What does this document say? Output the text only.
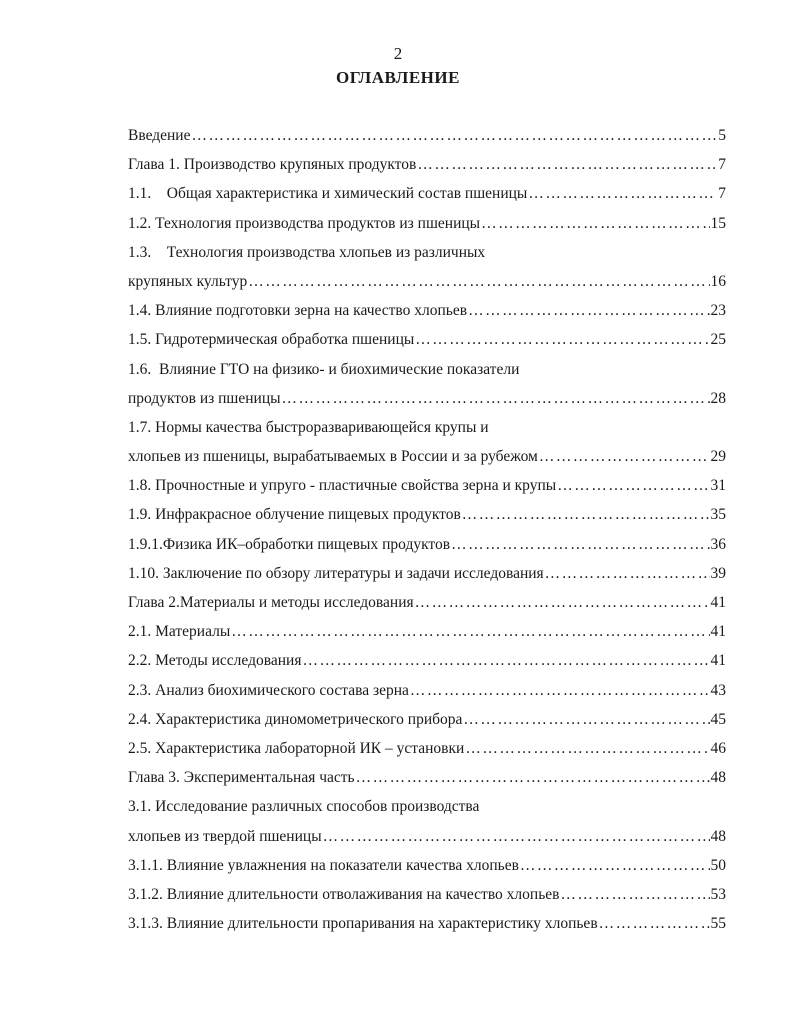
2
ОГЛАВЛЕНИЕ
Введение …………………………………………………………………………………………………………………………	5
Глава 1. Производство крупяных продуктов …………………………………………………………………………………………………………………………	7
1.1.    Общая характеристика и химический состав пшеницы …………………………………………………………………………………………………………………………	7
1.2. Технология производства продуктов из пшеницы …………………………………………………………………………………………………………………………	15
1.3.    Технология производства хлопьев из различных
крупяных культур …………………………………………………………………………………………………………………………	16
1.4. Влияние подготовки зерна на качество хлопьев …………………………………………………………………………………………………………………………	23
1.5. Гидротермическая обработка пшеницы …………………………………………………………………………………………………………………………	25
1.6.  Влияние ГТО на физико- и биохимические показатели
продуктов из пшеницы …………………………………………………………………………………………………………………………	28
1.7. Нормы качества быстроразваривающейся крупы и
хлопьев из пшеницы, вырабатываемых в России и за рубежом …………………………………………………………………………………………………………………………	29
1.8. Прочностные и упруго - пластичные свойства зерна и крупы …………………………………………………………………………………………………………………………	31
1.9. Инфракрасное облучение пищевых продуктов …………………………………………………………………………………………………………………………	35
1.9.1.Физика ИК–обработки пищевых продуктов …………………………………………………………………………………………………………………………	36
1.10. Заключение по обзору литературы и задачи исследования …………………………………………………………………………………………………………………………	39
Глава 2.Материалы и методы исследования …………………………………………………………………………………………………………………………	41
2.1. Материалы …………………………………………………………………………………………………………………………	41
2.2. Методы исследования …………………………………………………………………………………………………………………………	41
2.3. Анализ биохимического состава зерна …………………………………………………………………………………………………………………………	43
2.4. Характеристика диномометрического прибора …………………………………………………………………………………………………………………………	45
2.5. Характеристика лабораторной ИК – установки …………………………………………………………………………………………………………………………	46
Глава 3. Экспериментальная часть …………………………………………………………………………………………………………………………	48
3.1. Исследование различных способов производства
хлопьев из твердой пшеницы …………………………………………………………………………………………………………………………	48
3.1.1. Влияние увлажнения на показатели качества хлопьев …………………………………………………………………………………………………………………………	50
3.1.2. Влияние длительности отволаживания на качество хлопьев …………………………………………………………………………………………………………………………	53
3.1.3. Влияние длительности пропаривания на характеристику хлопьев …………………………………………………………………………………………………………………………	55
